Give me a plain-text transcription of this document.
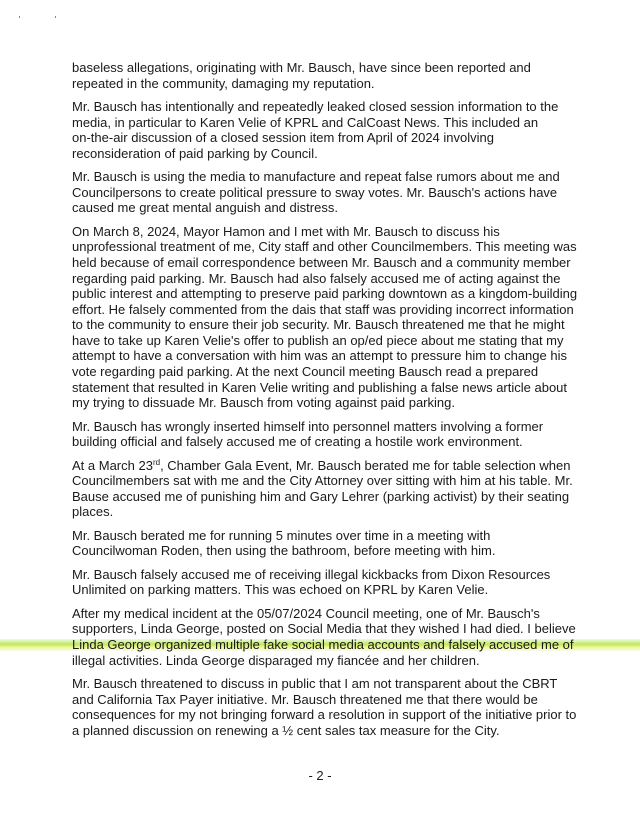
baseless allegations, originating with Mr. Bausch, have since been reported and
repeated in the community, damaging my reputation.
Mr. Bausch has intentionally and repeatedly leaked closed session information to the
media, in particular to Karen Velie of KPRL and CalCoast News. This included an
on-the-air discussion of a closed session item from April of 2024 involving
reconsideration of paid parking by Council.
Mr. Bausch is using the media to manufacture and repeat false rumors about me and
Councilpersons to create political pressure to sway votes. Mr. Bausch's actions have
caused me great mental anguish and distress.
On March 8, 2024, Mayor Hamon and I met with Mr. Bausch to discuss his
unprofessional treatment of me, City staff and other Councilmembers. This meeting was
held because of email correspondence between Mr. Bausch and a community member
regarding paid parking. Mr. Bausch had also falsely accused me of acting against the
public interest and attempting to preserve paid parking downtown as a kingdom-building
effort. He falsely commented from the dais that staff was providing incorrect information
to the community to ensure their job security. Mr. Bausch threatened me that he might
have to take up Karen Velie's offer to publish an op/ed piece about me stating that my
attempt to have a conversation with him was an attempt to pressure him to change his
vote regarding paid parking. At the next Council meeting Bausch read a prepared
statement that resulted in Karen Velie writing and publishing a false news article about
my trying to dissuade Mr. Bausch from voting against paid parking.
Mr. Bausch has wrongly inserted himself into personnel matters involving a former
building official and falsely accused me of creating a hostile work environment.
At a March 23rd, Chamber Gala Event, Mr. Bausch berated me for table selection when
Councilmembers sat with me and the City Attorney over sitting with him at his table. Mr.
Bause accused me of punishing him and Gary Lehrer (parking activist) by their seating
places.
Mr. Bausch berated me for running 5 minutes over time in a meeting with
Councilwoman Roden, then using the bathroom, before meeting with him.
Mr. Bausch falsely accused me of receiving illegal kickbacks from Dixon Resources
Unlimited on parking matters. This was echoed on KPRL by Karen Velie.
After my medical incident at the 05/07/2024 Council meeting, one of Mr. Bausch's
supporters, Linda George, posted on Social Media that they wished I had died. I believe
Linda George organized multiple fake social media accounts and falsely accused me of
illegal activities. Linda George disparaged my fiancée and her children.
Mr. Bausch threatened to discuss in public that I am not transparent about the CBRT
and California Tax Payer initiative. Mr. Bausch threatened me that there would be
consequences for my not bringing forward a resolution in support of the initiative prior to
a planned discussion on renewing a ½ cent sales tax measure for the City.
- 2 -
